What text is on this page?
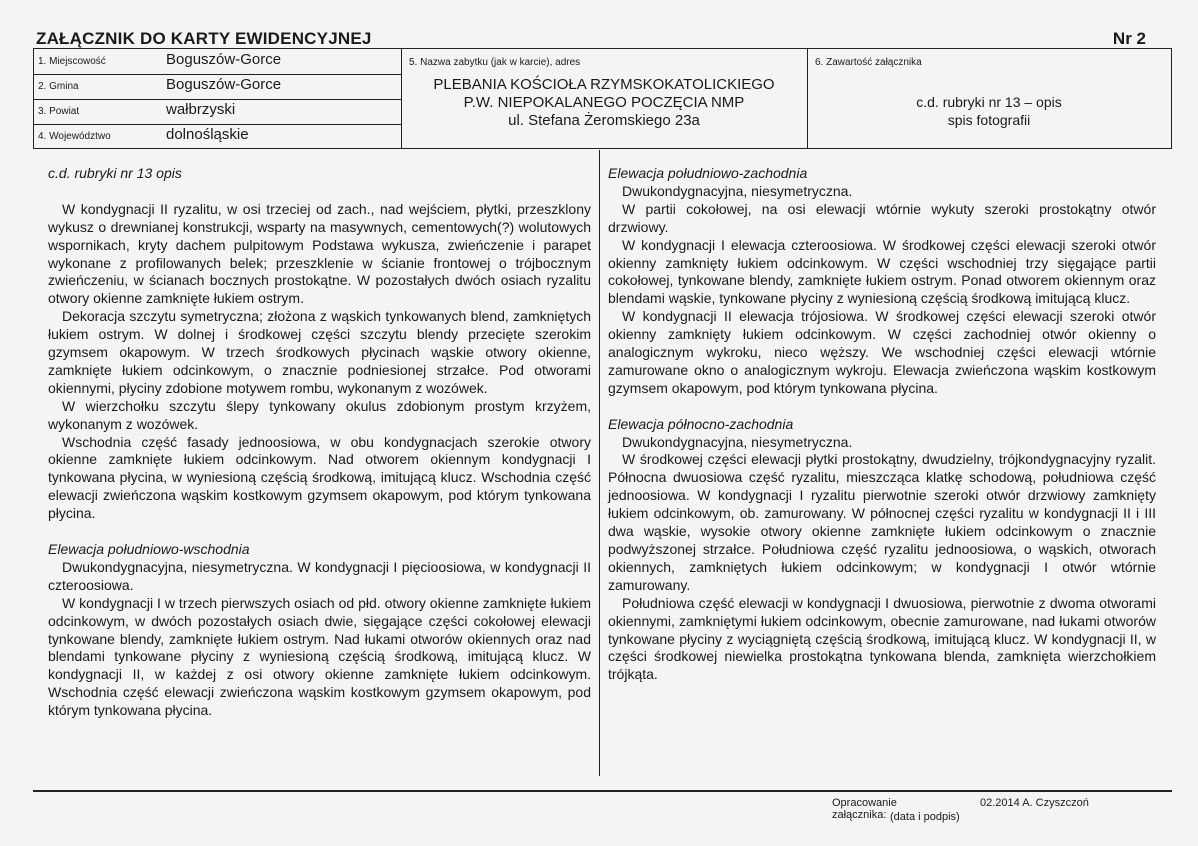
ZAŁĄCZNIK DO KARTY EWIDENCYJNEJ	Nr 2
1. Miejscowość	Boguszów-Gorce
2. Gmina	Boguszów-Gorce
3. Powiat	wałbrzyski
4. Województwo	dolnośląskie
5. Nazwa zabytku (jak w karcie), adres
PLEBANIA KOŚCIOŁA RZYMSKOKATOLICKIEGO
P.W. NIEPOKALANEGO POCZĘCIA NMP
ul. Stefana Żeromskiego 23a
6. Zawartość załącznika
c.d. rubryki nr 13 – opis
spis fotografii

c.d. rubryki nr 13 opis

W kondygnacji II ryzalitu, w osi trzeciej od zach., nad wejściem, płytki, przeszklony wykusz o drewnianej konstrukcji, wsparty na masywnych, cementowych(?) wolutowych wspornikach, kryty dachem pulpitowym Podstawa wykusza, zwieńczenie i parapet wykonane z profilowanych belek; przeszklenie w ścianie frontowej o trójbocznym zwieńczeniu, w ścianach bocznych prostokątne. W pozostałych dwóch osiach ryzalitu otwory okienne zamknięte łukiem ostrym.

Dekoracja szczytu symetryczna; złożona z wąskich tynkowanych blend, zamkniętych łukiem ostrym. W dolnej i środkowej części szczytu blendy przecięte szerokim gzymsem okapowym. W trzech środkowych płycinach wąskie otwory okienne, zamknięte łukiem odcinkowym, o znacznie podniesionej strzałce. Pod otworami okiennymi, płyciny zdobione motywem rombu, wykonanym z wozówek.

W wierzchołku szczytu ślepy tynkowany okulus zdobionym prostym krzyżem, wykonanym z wozówek.

Wschodnia część fasady jednoosiowa, w obu kondygnacjach szerokie otwory okienne zamknięte łukiem odcinkowym. Nad otworem okiennym kondygnacji I tynkowana płycina, w wyniesioną częścią środkową, imitującą klucz. Wschodnia część elewacji zwieńczona wąskim kostkowym gzymsem okapowym, pod którym tynkowana płycina.

Elewacja południowo-wschodnia

Dwukondygnacyjna, niesymetryczna. W kondygnacji I pięcioosiowa, w kondygnacji II czteroosiowa.

W kondygnacji I w trzech pierwszych osiach od płd. otwory okienne zamknięte łukiem odcinkowym, w dwóch pozostałych osiach dwie, sięgające części cokołowej elewacji tynkowane blendy, zamknięte łukiem ostrym. Nad łukami otworów okiennych oraz nad blendami tynkowane płyciny z wyniesioną częścią środkową, imitującą klucz. W kondygnacji II, w każdej z osi otwory okienne zamknięte łukiem odcinkowym. Wschodnia część elewacji zwieńczona wąskim kostkowym gzymsem okapowym, pod którym tynkowana płycina.

Elewacja południowo-zachodnia

Dwukondygnacyjna, niesymetryczna.

W partii cokołowej, na osi elewacji wtórnie wykuty szeroki prostokątny otwór drzwiowy.

W kondygnacji I elewacja czteroosiowa. W środkowej części elewacji szeroki otwór okienny zamknięty łukiem odcinkowym. W części wschodniej trzy sięgające partii cokołowej, tynkowane blendy, zamknięte łukiem ostrym. Ponad otworem okiennym oraz blendami wąskie, tynkowane płyciny z wyniesioną częścią środkową imitującą klucz.

W kondygnacji II elewacja trójosiowa. W środkowej części elewacji szeroki otwór okienny zamknięty łukiem odcinkowym. W części zachodniej otwór okienny o analogicznym wykroku, nieco węższy. We wschodniej części elewacji wtórnie zamurowane okno o analogicznym wykroju. Elewacja zwieńczona wąskim kostkowym gzymsem okapowym, pod którym tynkowana płycina.

Elewacja północno-zachodnia

Dwukondygnacyjna, niesymetryczna.

W środkowej części elewacji płytki prostokątny, dwudzielny, trójkondygnacyjny ryzalit. Północna dwuosiowa część ryzalitu, mieszcząca klatkę schodową, południowa część jednoosiowa. W kondygnacji I ryzalitu pierwotnie szeroki otwór drzwiowy zamknięty łukiem odcinkowym, ob. zamurowany. W północnej części ryzalitu w kondygnacji II i III dwa wąskie, wysokie otwory okienne zamknięte łukiem odcinkowym o znacznie podwyższonej strzałce. Południowa część ryzalitu jednoosiowa, o wąskich, otworach okiennych, zamkniętych łukiem odcinkowym; w kondygnacji I otwór wtórnie zamurowany.

Południowa część elewacji w kondygnacji I dwuosiowa, pierwotnie z dwoma otworami okiennymi, zamkniętymi łukiem odcinkowym, obecnie zamurowane, nad łukami otworów tynkowane płyciny z wyciągniętą częścią środkową, imitującą klucz. W kondygnacji II, w części środkowej niewielka prostokątna tynkowana blenda, zamknięta wierzchołkiem trójkąta.

Opracowanie załącznika:
02.2014 A. Czyszczoń
(data i podpis)
